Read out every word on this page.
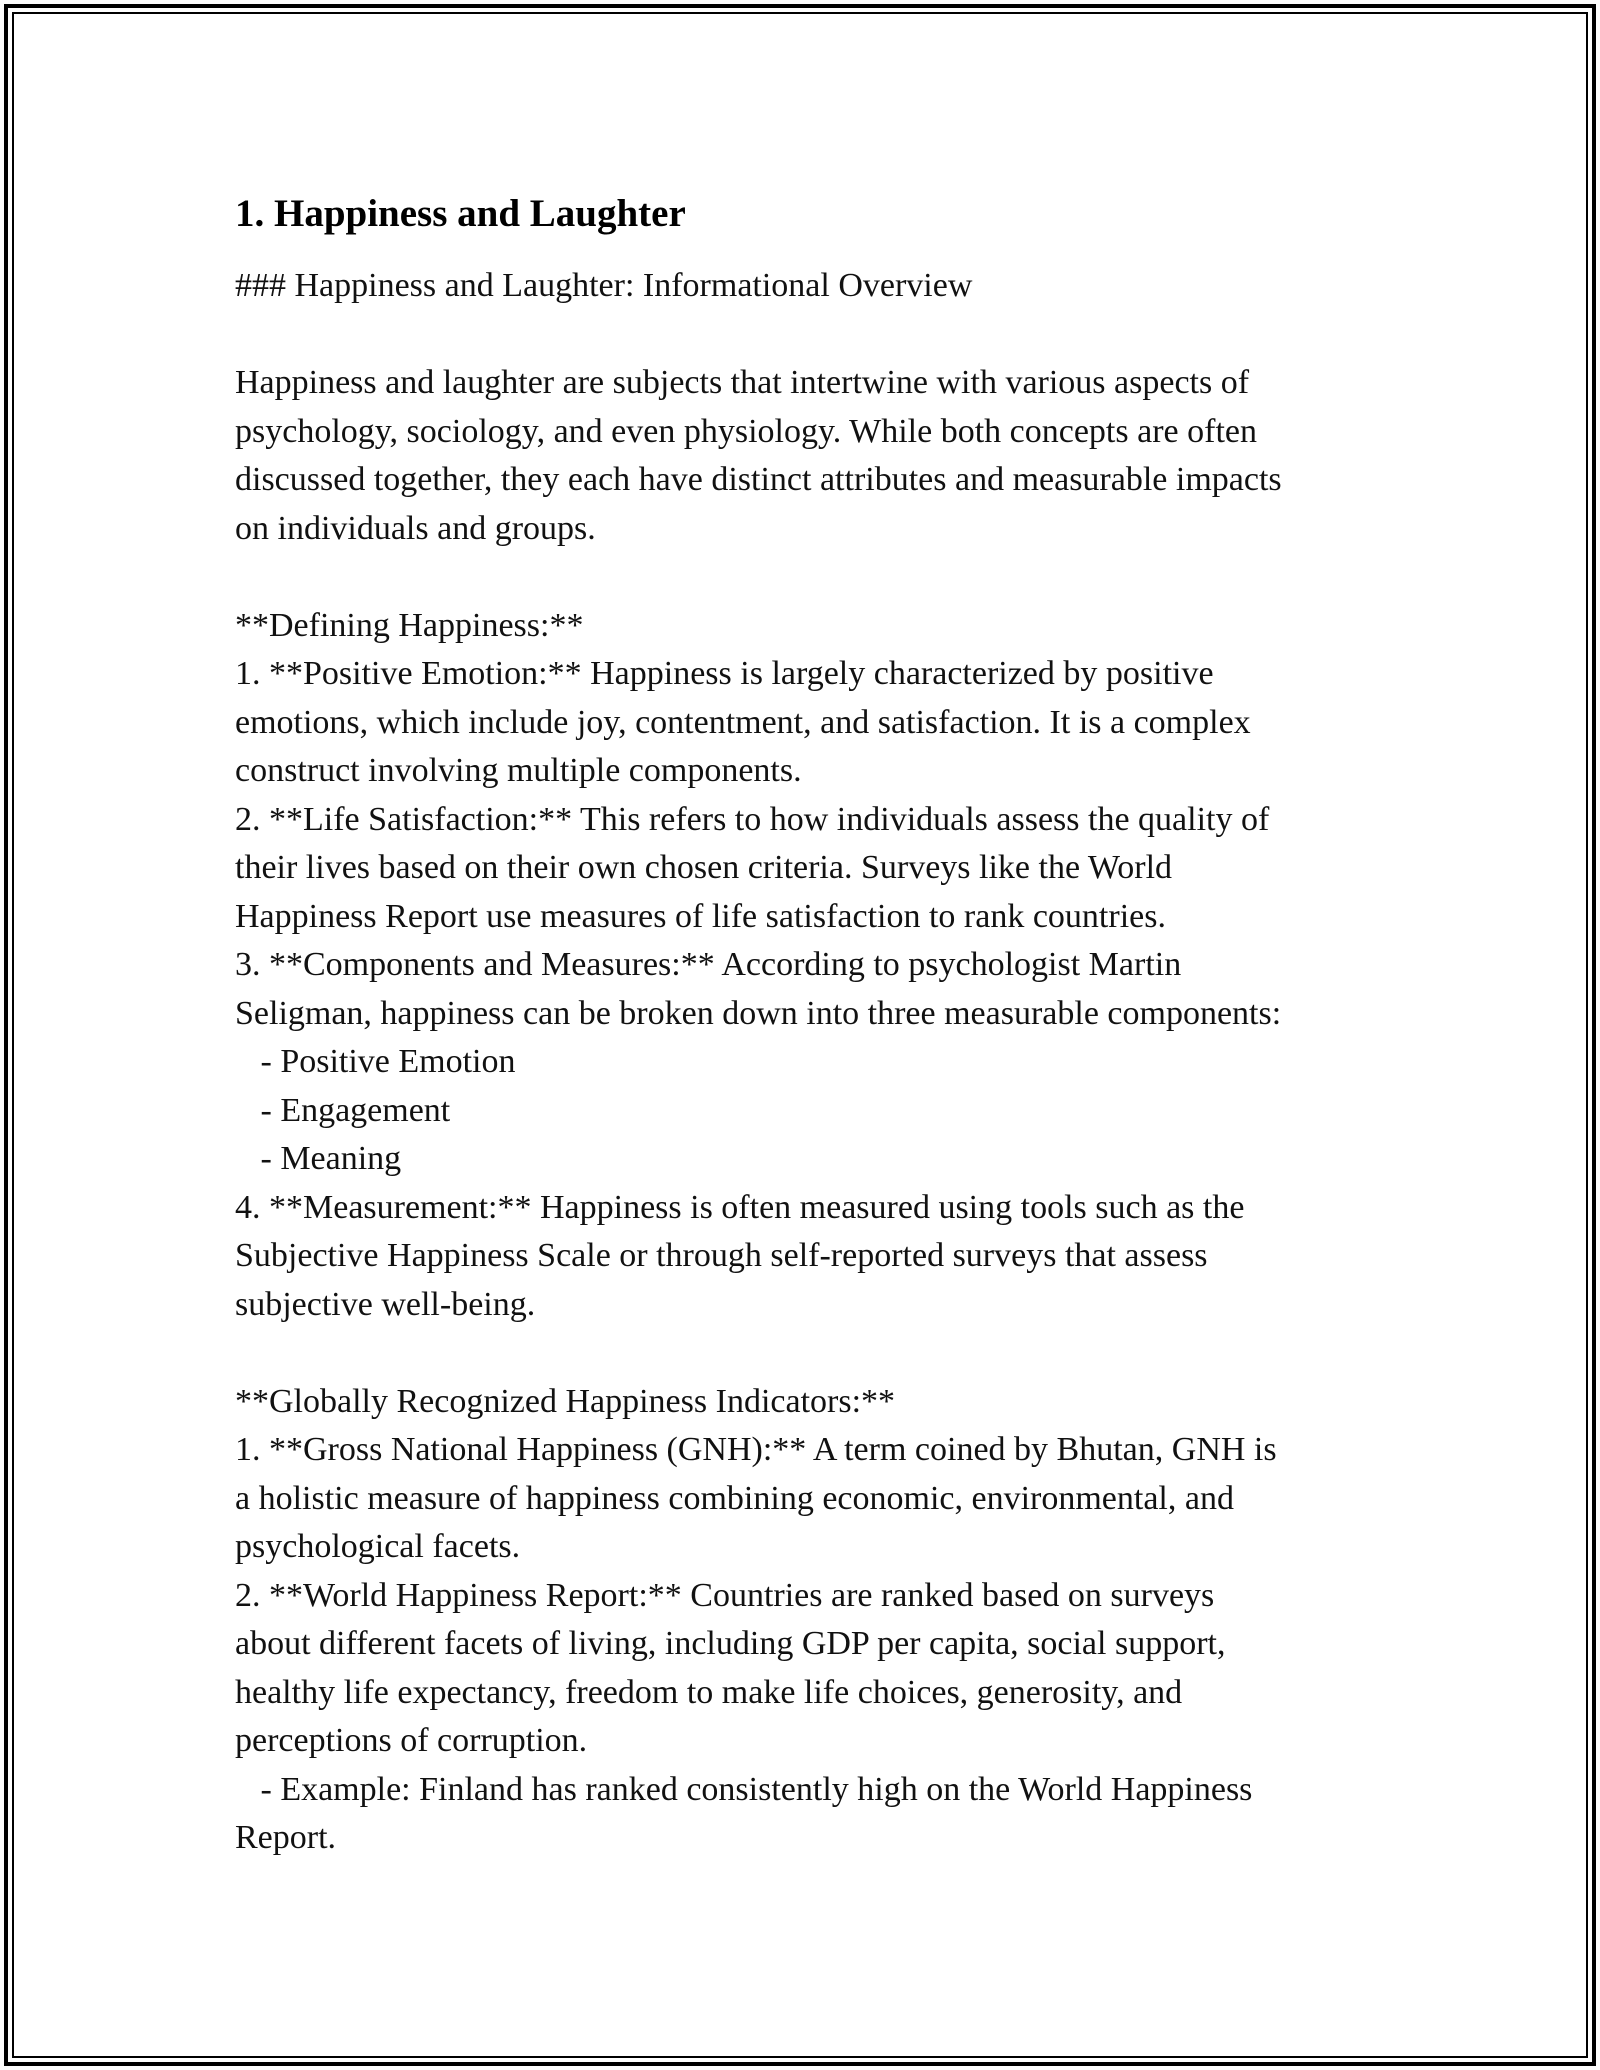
1. Happiness and Laughter

### Happiness and Laughter: Informational Overview

Happiness and laughter are subjects that intertwine with various aspects of

psychology, sociology, and even physiology. While both concepts are often

discussed together, they each have distinct attributes and measurable impacts

on individuals and groups.

**Defining Happiness:**

1. **Positive Emotion:** Happiness is largely characterized by positive

emotions, which include joy, contentment, and satisfaction. It is a complex

construct involving multiple components.

2. **Life Satisfaction:** This refers to how individuals assess the quality of

their lives based on their own chosen criteria. Surveys like the World

Happiness Report use measures of life satisfaction to rank countries.

3. **Components and Measures:** According to psychologist Martin

Seligman, happiness can be broken down into three measurable components:

- Positive Emotion

- Engagement

- Meaning

4. **Measurement:** Happiness is often measured using tools such as the

Subjective Happiness Scale or through self-reported surveys that assess

subjective well-being.

**Globally Recognized Happiness Indicators:**

1. **Gross National Happiness (GNH):** A term coined by Bhutan, GNH is

a holistic measure of happiness combining economic, environmental, and

psychological facets.

2. **World Happiness Report:** Countries are ranked based on surveys

about different facets of living, including GDP per capita, social support,

healthy life expectancy, freedom to make life choices, generosity, and

perceptions of corruption.

- Example: Finland has ranked consistently high on the World Happiness

Report.
